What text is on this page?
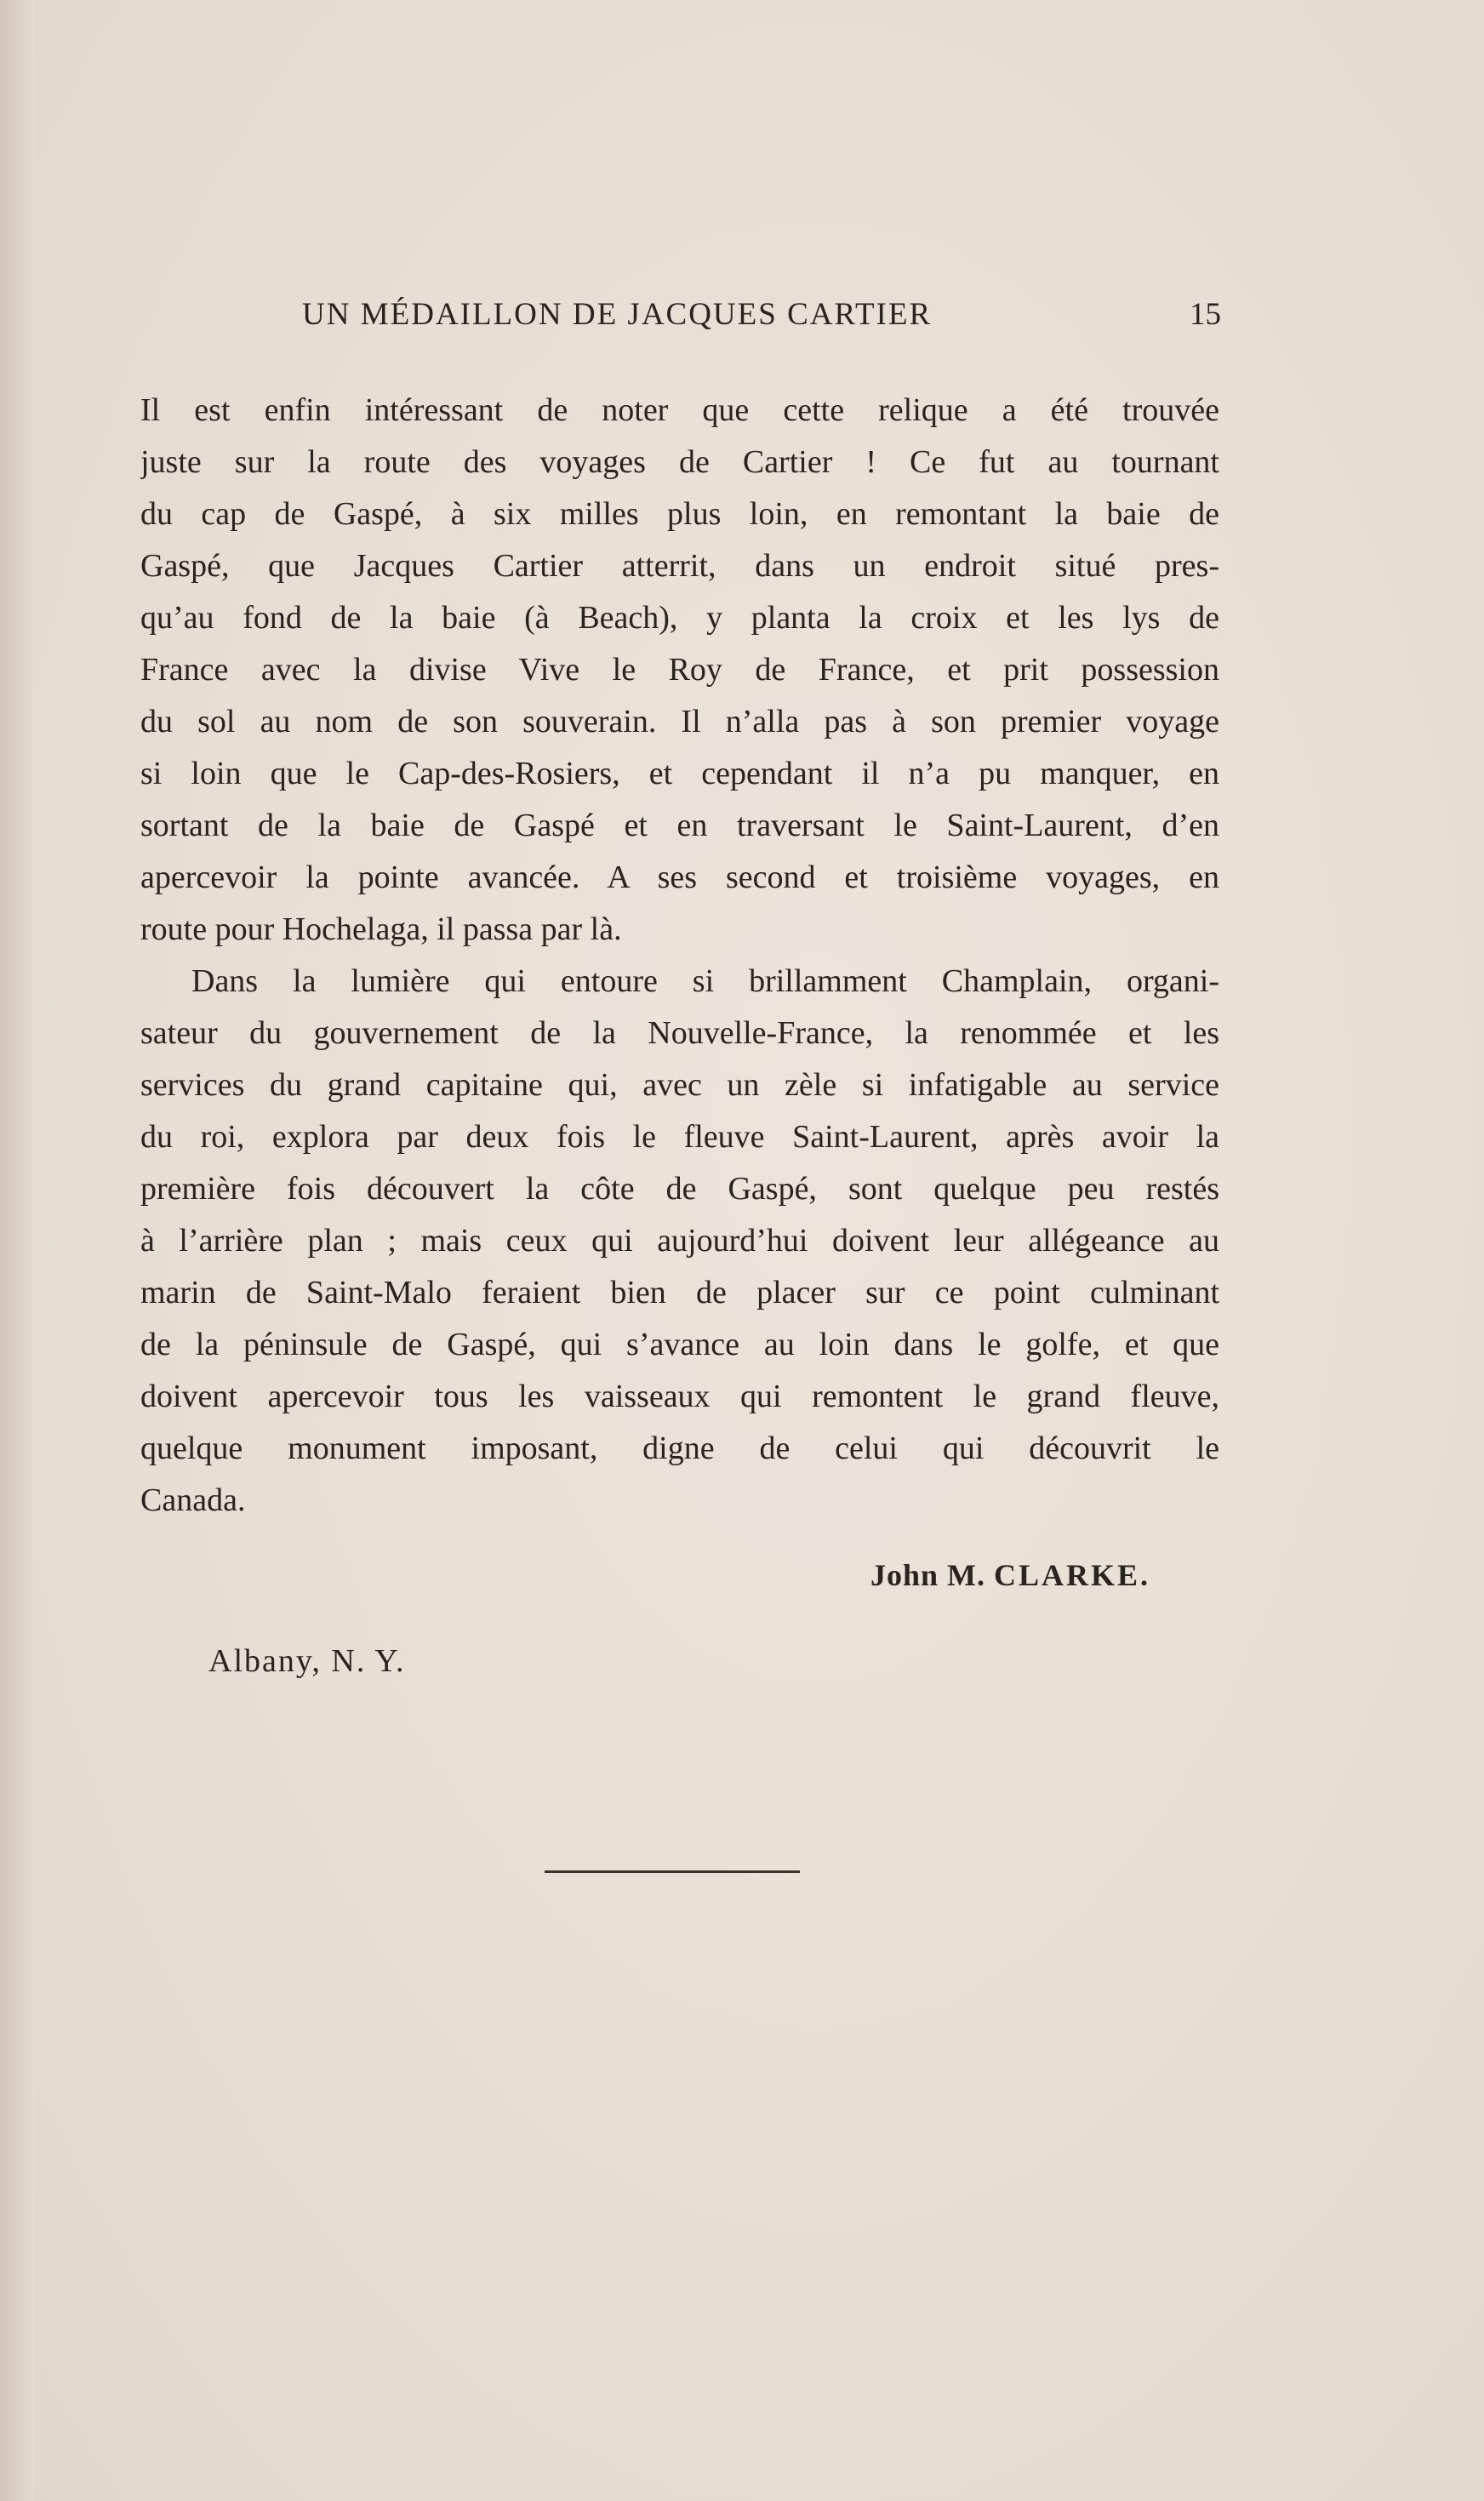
UN MÉDAILLON DE JACQUES CARTIER	15
Il est enfin intéressant de noter que cette relique a été trouvée
juste sur la route des voyages de Cartier ! Ce fut au tournant
du cap de Gaspé, à six milles plus loin, en remontant la baie de
Gaspé, que Jacques Cartier atterrit, dans un endroit situé pres-
qu’au fond de la baie (à Beach), y planta la croix et les lys de
France avec la divise Vive le Roy de France, et prit possession
du sol au nom de son souverain. Il n’alla pas à son premier voyage
si loin que le Cap-des-Rosiers, et cependant il n’a pu manquer, en
sortant de la baie de Gaspé et en traversant le Saint-Laurent, d’en
apercevoir la pointe avancée. A ses second et troisième voyages, en
route pour Hochelaga, il passa par là.
Dans la lumière qui entoure si brillamment Champlain, organi-
sateur du gouvernement de la Nouvelle-France, la renommée et les
services du grand capitaine qui, avec un zèle si infatigable au service
du roi, explora par deux fois le fleuve Saint-Laurent, après avoir la
première fois découvert la côte de Gaspé, sont quelque peu restés
à l’arrière plan ; mais ceux qui aujourd’hui doivent leur allégeance au
marin de Saint-Malo feraient bien de placer sur ce point culminant
de la péninsule de Gaspé, qui s’avance au loin dans le golfe, et que
doivent apercevoir tous les vaisseaux qui remontent le grand fleuve,
quelque monument imposant, digne de celui qui découvrit le
Canada.
John M. CLARKE.
Albany, N. Y.
